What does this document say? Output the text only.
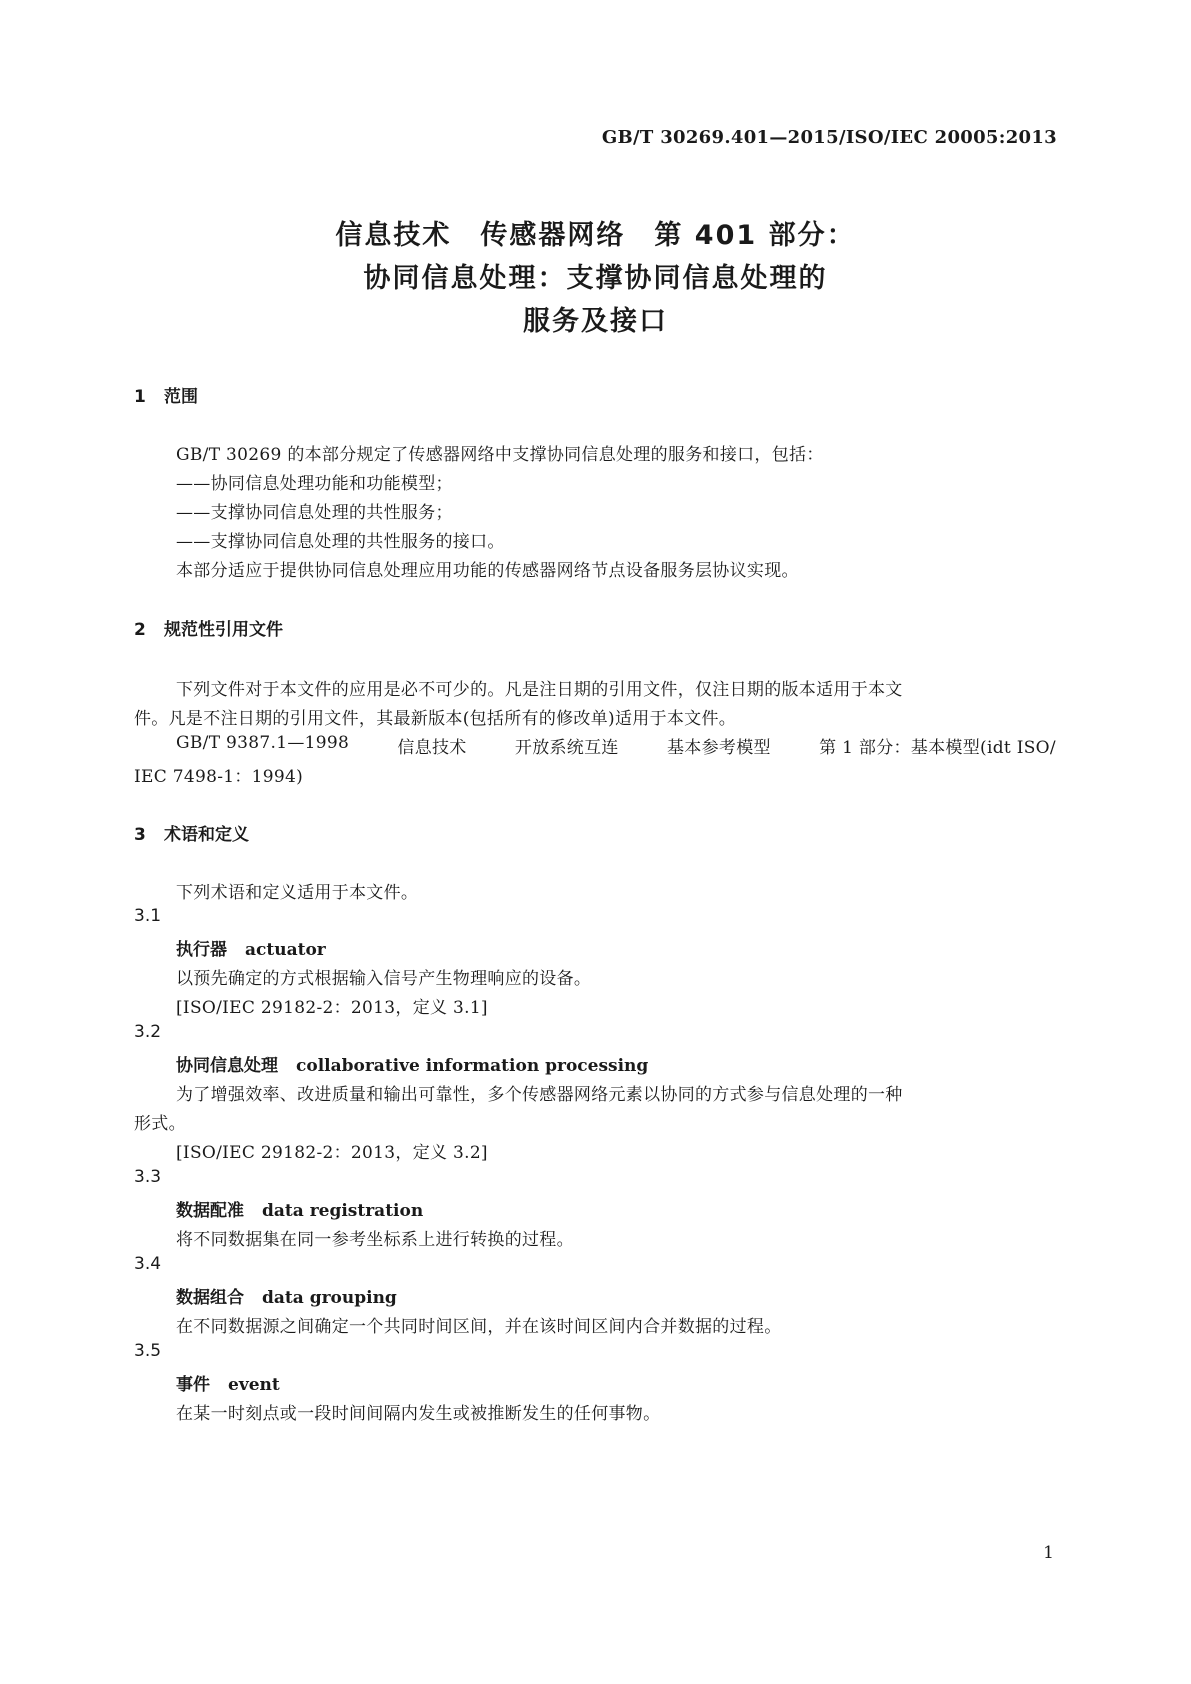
GB/T 30269.401—2015/ISO/IEC 20005:2013
信息技术　传感器网络　第 401 部分：
协同信息处理：支撑协同信息处理的
服务及接口
1 范围
GB/T 30269 的本部分规定了传感器网络中支撑协同信息处理的服务和接口，包括：
——协同信息处理功能和功能模型；
——支撑协同信息处理的共性服务；
——支撑协同信息处理的共性服务的接口。
本部分适应于提供协同信息处理应用功能的传感器网络节点设备服务层协议实现。
2 规范性引用文件
下列文件对于本文件的应用是必不可少的。凡是注日期的引用文件，仅注日期的版本适用于本文
件。凡是不注日期的引用文件，其最新版本(包括所有的修改单)适用于本文件。
GB/T 9387.1—1998	信息技术	开放系统互连	基本参考模型	第 1 部分：基本模型(idt ISO/
IEC 7498-1：1994)
3 术语和定义
下列术语和定义适用于本文件。
3.1
执行器 actuator
以预先确定的方式根据输入信号产生物理响应的设备。
[ISO/IEC 29182-2：2013，定义 3.1]
3.2
协同信息处理 collaborative information processing
为了增强效率、改进质量和输出可靠性，多个传感器网络元素以协同的方式参与信息处理的一种
形式。
[ISO/IEC 29182-2：2013，定义 3.2]
3.3
数据配准 data registration
将不同数据集在同一参考坐标系上进行转换的过程。
3.4
数据组合 data grouping
在不同数据源之间确定一个共同时间区间，并在该时间区间内合并数据的过程。
3.5
事件 event
在某一时刻点或一段时间间隔内发生或被推断发生的任何事物。
1
